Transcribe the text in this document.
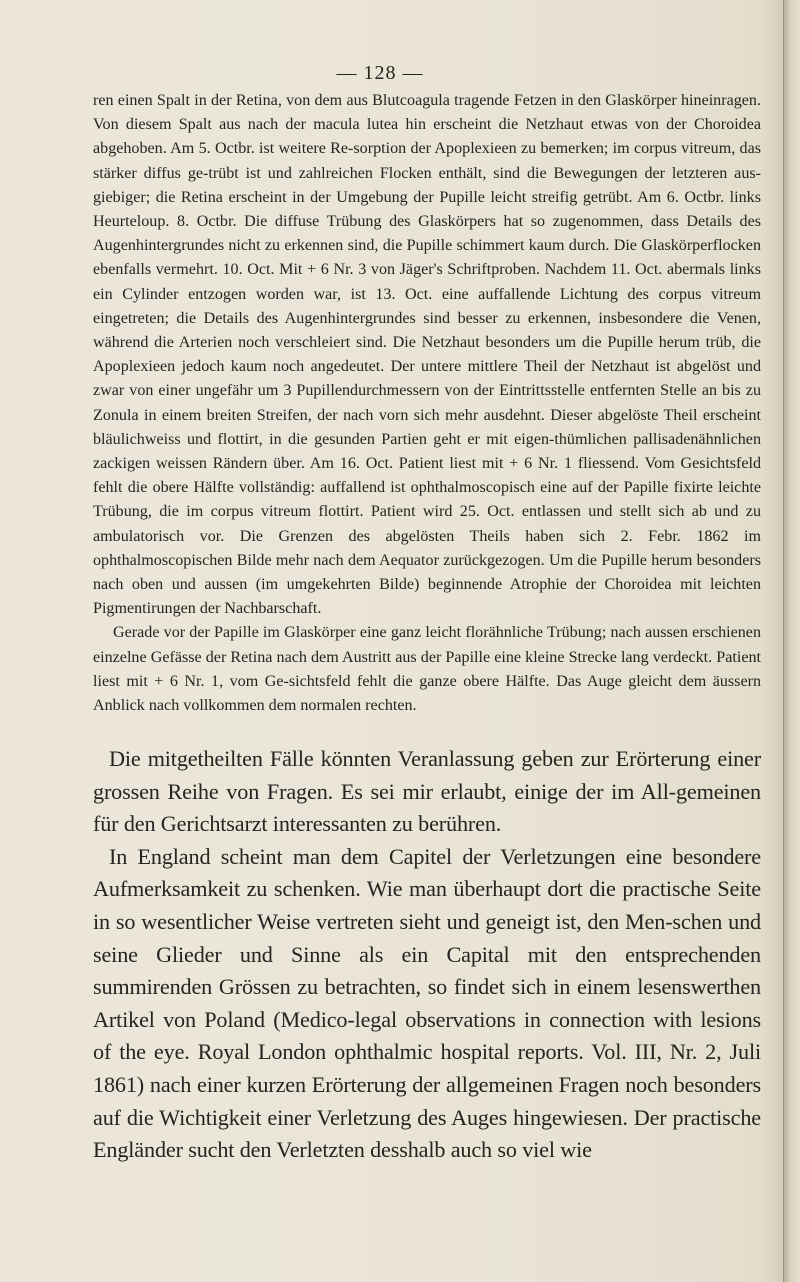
— 128 —

ren einen Spalt in der Retina, von dem aus Blutcoagula tragende Fetzen in den Glaskörper hineinragen. Von diesem Spalt aus nach der macula lutea hin erscheint die Netzhaut etwas von der Choroidea abgehoben. Am 5. Octbr. ist weitere Re-sorption der Apoplexieen zu bemerken; im corpus vitreum, das stärker diffus ge-trübt ist und zahlreichen Flocken enthält, sind die Bewegungen der letzteren aus-giebiger; die Retina erscheint in der Umgebung der Pupille leicht streifig getrübt. Am 6. Octbr. links Heurteloup. 8. Octbr. Die diffuse Trübung des Glaskörpers hat so zugenommen, dass Details des Augenhintergrundes nicht zu erkennen sind, die Pupille schimmert kaum durch. Die Glaskörperflocken ebenfalls vermehrt. 10. Oct. Mit + 6 Nr. 3 von Jäger's Schriftproben. Nachdem 11. Oct. abermals links ein Cylinder entzogen worden war, ist 13. Oct. eine auffallende Lichtung des corpus vitreum eingetreten; die Details des Augenhintergrundes sind besser zu erkennen, insbesondere die Venen, während die Arterien noch verschleiert sind. Die Netzhaut besonders um die Pupille herum trüb, die Apoplexieen jedoch kaum noch angedeutet. Der untere mittlere Theil der Netzhaut ist abgelöst und zwar von einer ungefähr um 3 Pupillendurchmessern von der Eintrittsstelle entfernten Stelle an bis zu Zonula in einem breiten Streifen, der nach vorn sich mehr ausdehnt. Dieser abgelöste Theil erscheint bläulichweiss und flottirt, in die gesunden Partien geht er mit eigen-thümlichen pallisadenähnlichen zackigen weissen Rändern über. Am 16. Oct. Patient liest mit + 6 Nr. 1 fliessend. Vom Gesichtsfeld fehlt die obere Hälfte vollständig: auffallend ist ophthalmoscopisch eine auf der Papille fixirte leichte Trübung, die im corpus vitreum flottirt. Patient wird 25. Oct. entlassen und stellt sich ab und zu ambulatorisch vor. Die Grenzen des abgelösten Theils haben sich 2. Febr. 1862 im ophthalmoscopischen Bilde mehr nach dem Aequator zurückgezogen. Um die Pupille herum besonders nach oben und aussen (im umgekehrten Bilde) beginnende Atrophie der Choroidea mit leichten Pigmentirungen der Nachbarschaft.

Gerade vor der Papille im Glaskörper eine ganz leicht florähnliche Trübung; nach aussen erschienen einzelne Gefässe der Retina nach dem Austritt aus der Papille eine kleine Strecke lang verdeckt. Patient liest mit + 6 Nr. 1, vom Ge-sichtsfeld fehlt die ganze obere Hälfte. Das Auge gleicht dem äussern Anblick nach vollkommen dem normalen rechten.

Die mitgetheilten Fälle könnten Veranlassung geben zur Erörterung einer grossen Reihe von Fragen. Es sei mir erlaubt, einige der im All-gemeinen für den Gerichtsarzt interessanten zu berühren.

In England scheint man dem Capitel der Verletzungen eine besondere Aufmerksamkeit zu schenken. Wie man überhaupt dort die practische Seite in so wesentlicher Weise vertreten sieht und geneigt ist, den Men-schen und seine Glieder und Sinne als ein Capital mit den entsprechenden summirenden Grössen zu betrachten, so findet sich in einem lesenswerthen Artikel von Poland (Medico-legal observations in connection with lesions of the eye. Royal London ophthalmic hospital reports. Vol. III, Nr. 2, Juli 1861) nach einer kurzen Erörterung der allgemeinen Fragen noch besonders auf die Wichtigkeit einer Verletzung des Auges hingewiesen. Der practische Engländer sucht den Verletzten desshalb auch so viel wie
